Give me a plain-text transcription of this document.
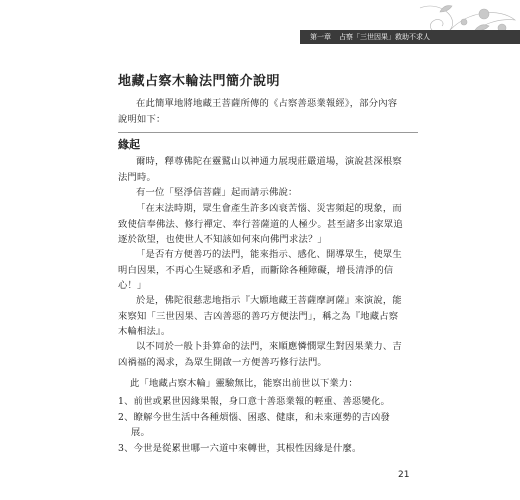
第一章 占察「三世因果」救助不求人
地藏占察木輪法門簡介說明
在此簡單地將地藏王菩薩所傳的《占察善惡業報經》，部分內容
說明如下：
緣起
爾時，釋尊佛陀在靈鷲山以神通力展現莊嚴道場，演說甚深根察
法門時。
有一位「堅淨信菩薩」起而請示佛說：
「在末法時期，眾生會產生許多凶衰苦惱、災害頻起的現象，而
致使信奉佛法、修行禪定、奉行菩薩道的人極少。甚至諸多出家眾追
逐於欲望，也使世人不知該如何來向佛門求法？」
「是否有方便善巧的法門，能來指示、感化、開導眾生，使眾生
明白因果，不再心生疑惑和矛盾，而斷除各種障礙，增長清淨的信
心！」
於是，佛陀很慈悲地指示『大願地藏王菩薩摩訶薩』來演說，能
來察知「三世因果、吉凶善惡的善巧方便法門」，稱之為『地藏占察
木輪相法』。
以不同於一般卜卦算命的法門，來順應憐憫眾生對因果業力、吉
凶禍福的渴求，為眾生開啟一方便善巧修行法門。
此「地藏占察木輪」靈驗無比，能察出前世以下業力：
1、前世或累世因緣果報，身口意十善惡業報的輕重、善惡變化。
2、瞭解今世生活中各種煩惱、困惑、健康，和未來運勢的吉凶發
展。
3、今世是從累世哪一六道中來轉世，其根性因緣是什麼。
21
